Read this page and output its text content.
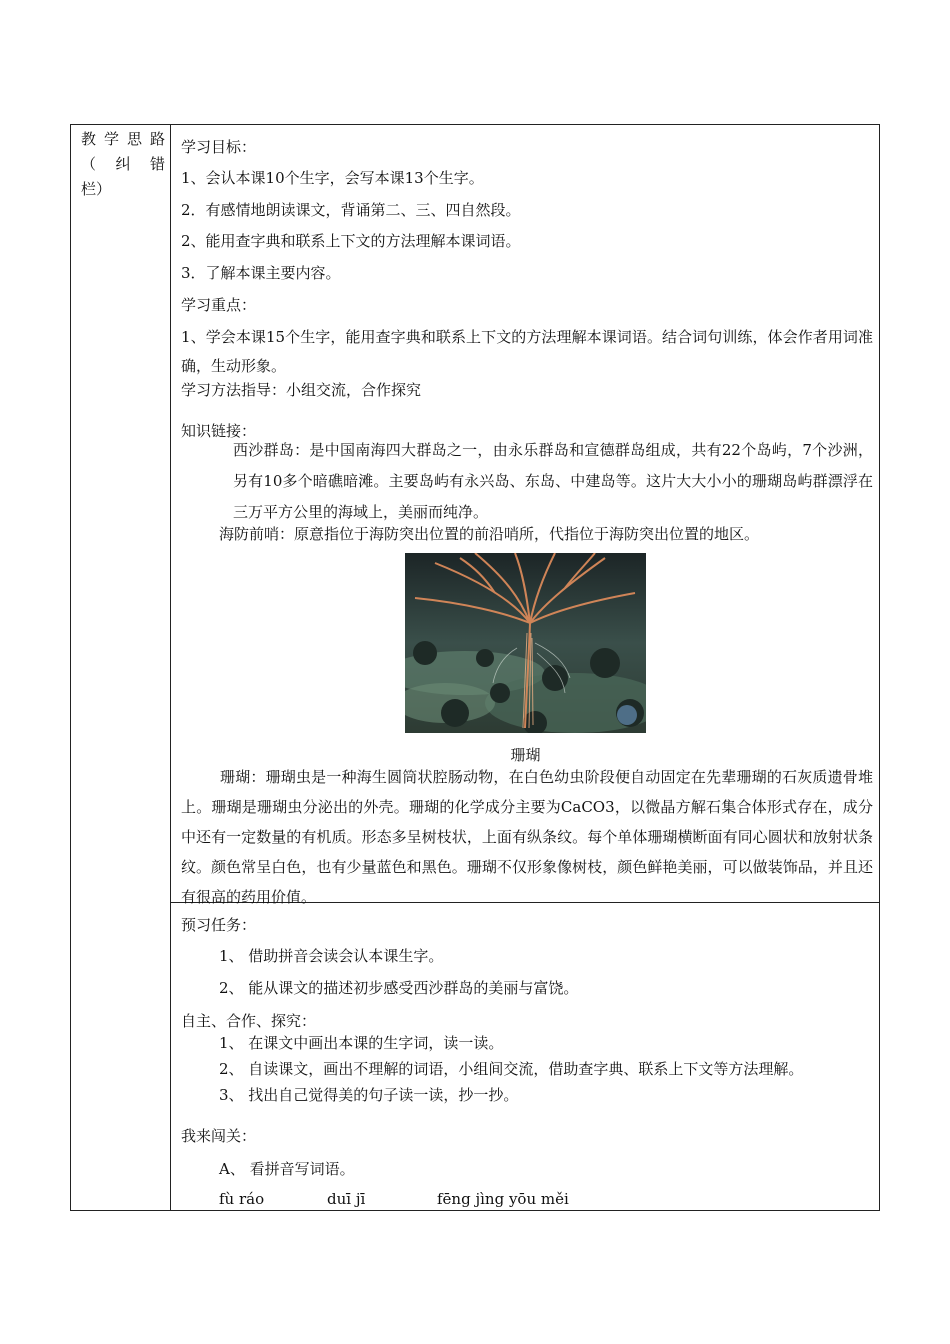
教学思路
（纠错
栏）
学习目标：
1、会认本课10个生字，会写本课13个生字。
2．有感情地朗读课文，背诵第二、三、四自然段。
2、能用查字典和联系上下文的方法理解本课词语。
3．了解本课主要内容。
学习重点：
1、学会本课15个生字，能用查字典和联系上下文的方法理解本课词语。结合词句训练，体会作者用词准确，生动形象。
学习方法指导：小组交流，合作探究
知识链接：
西沙群岛：是中国南海四大群岛之一，由永乐群岛和宣德群岛组成，共有22个岛屿，7个沙洲，另有10多个暗礁暗滩。主要岛屿有永兴岛、东岛、中建岛等。这片大大小小的珊瑚岛屿群漂浮在三万平方公里的海域上，美丽而纯净。
海防前哨：原意指位于海防突出位置的前沿哨所，代指位于海防突出位置的地区。
珊瑚
珊瑚：珊瑚虫是一种海生圆筒状腔肠动物，在白色幼虫阶段便自动固定在先辈珊瑚的石灰质遗骨堆上。珊瑚是珊瑚虫分泌出的外壳。珊瑚的化学成分主要为CaCO3，以微晶方解石集合体形式存在，成分中还有一定数量的有机质。形态多呈树枝状，上面有纵条纹。每个单体珊瑚横断面有同心圆状和放射状条纹。颜色常呈白色，也有少量蓝色和黑色。珊瑚不仅形象像树枝，颜色鲜艳美丽，可以做装饰品，并且还有很高的药用价值。
预习任务：
1、 借助拼音会读会认本课生字。
2、 能从课文的描述初步感受西沙群岛的美丽与富饶。
自主、合作、探究：
1、 在课文中画出本课的生字词，读一读。
2、 自读课文，画出不理解的词语，小组间交流，借助查字典、联系上下文等方法理解。
3、 找出自己觉得美的句子读一读，抄一抄。
我来闯关：
A、 看拼音写词语。
fù ráo	duī jī	fēng jìng yōu měi
